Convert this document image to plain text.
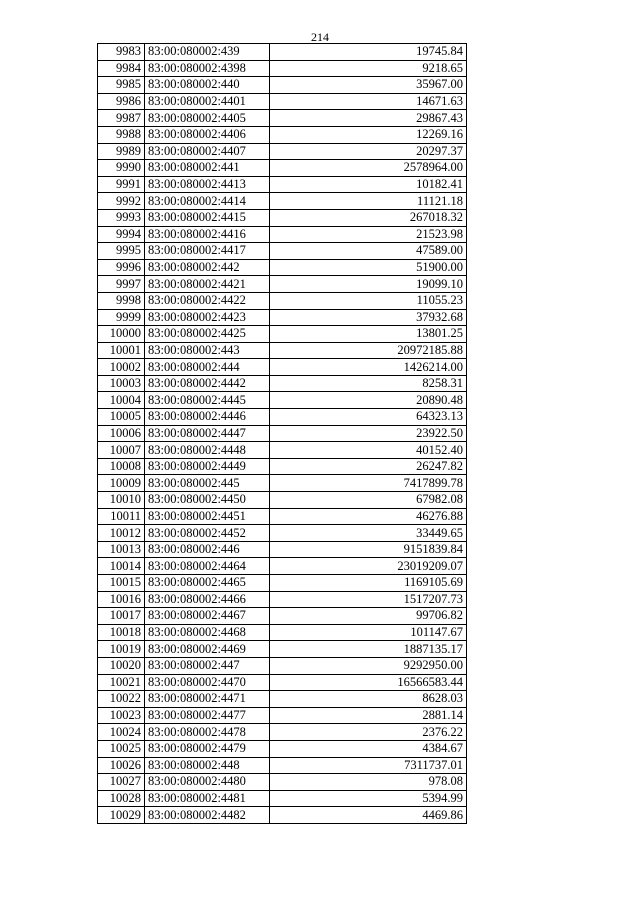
214
9983	83:00:080002:439	19745.84
9984	83:00:080002:4398	9218.65
9985	83:00:080002:440	35967.00
9986	83:00:080002:4401	14671.63
9987	83:00:080002:4405	29867.43
9988	83:00:080002:4406	12269.16
9989	83:00:080002:4407	20297.37
9990	83:00:080002:441	2578964.00
9991	83:00:080002:4413	10182.41
9992	83:00:080002:4414	11121.18
9993	83:00:080002:4415	267018.32
9994	83:00:080002:4416	21523.98
9995	83:00:080002:4417	47589.00
9996	83:00:080002:442	51900.00
9997	83:00:080002:4421	19099.10
9998	83:00:080002:4422	11055.23
9999	83:00:080002:4423	37932.68
10000	83:00:080002:4425	13801.25
10001	83:00:080002:443	20972185.88
10002	83:00:080002:444	1426214.00
10003	83:00:080002:4442	8258.31
10004	83:00:080002:4445	20890.48
10005	83:00:080002:4446	64323.13
10006	83:00:080002:4447	23922.50
10007	83:00:080002:4448	40152.40
10008	83:00:080002:4449	26247.82
10009	83:00:080002:445	7417899.78
10010	83:00:080002:4450	67982.08
10011	83:00:080002:4451	46276.88
10012	83:00:080002:4452	33449.65
10013	83:00:080002:446	9151839.84
10014	83:00:080002:4464	23019209.07
10015	83:00:080002:4465	1169105.69
10016	83:00:080002:4466	1517207.73
10017	83:00:080002:4467	99706.82
10018	83:00:080002:4468	101147.67
10019	83:00:080002:4469	1887135.17
10020	83:00:080002:447	9292950.00
10021	83:00:080002:4470	16566583.44
10022	83:00:080002:4471	8628.03
10023	83:00:080002:4477	2881.14
10024	83:00:080002:4478	2376.22
10025	83:00:080002:4479	4384.67
10026	83:00:080002:448	7311737.01
10027	83:00:080002:4480	978.08
10028	83:00:080002:4481	5394.99
10029	83:00:080002:4482	4469.86
